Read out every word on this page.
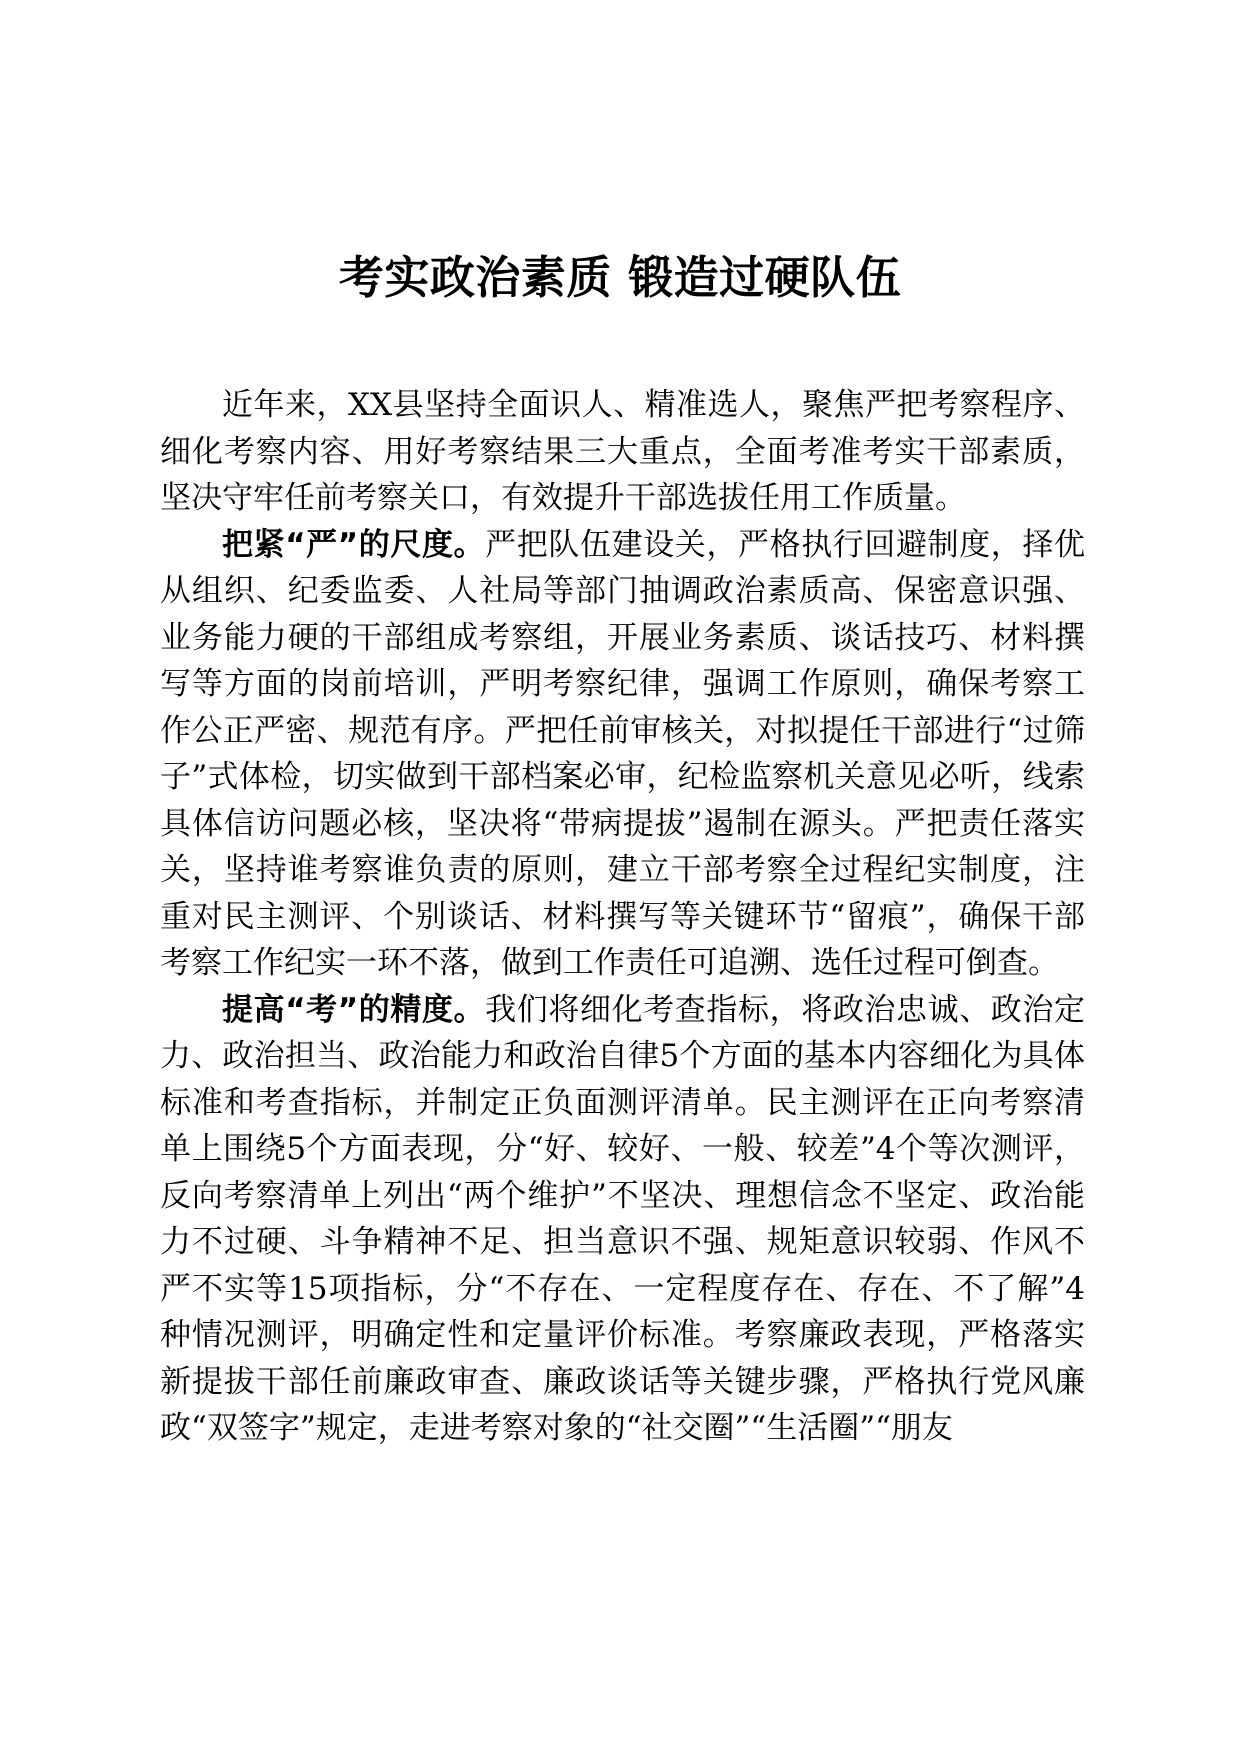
考实政治素质 锻造过硬队伍

近年来，XX县坚持全面识人、精准选人，聚焦严把考察程序、细化考察内容、用好考察结果三大重点，全面考准考实干部素质，坚决守牢任前考察关口，有效提升干部选拔任用工作质量。

把紧“严”的尺度。严把队伍建设关，严格执行回避制度，择优从组织、纪委监委、人社局等部门抽调政治素质高、保密意识强、业务能力硬的干部组成考察组，开展业务素质、谈话技巧、材料撰写等方面的岗前培训，严明考察纪律，强调工作原则，确保考察工作公正严密、规范有序。严把任前审核关，对拟提任干部进行“过筛子”式体检，切实做到干部档案必审，纪检监察机关意见必听，线索具体信访问题必核，坚决将“带病提拔”遏制在源头。严把责任落实关，坚持谁考察谁负责的原则，建立干部考察全过程纪实制度，注重对民主测评、个别谈话、材料撰写等关键环节“留痕”，确保干部考察工作纪实一环不落，做到工作责任可追溯、选任过程可倒查。

提高“考”的精度。我们将细化考查指标，将政治忠诚、政治定力、政治担当、政治能力和政治自律5个方面的基本内容细化为具体标准和考查指标，并制定正负面测评清单。民主测评在正向考察清单上围绕5个方面表现，分“好、较好、一般、较差”4个等次测评，反向考察清单上列出“两个维护”不坚决、理想信念不坚定、政治能力不过硬、斗争精神不足、担当意识不强、规矩意识较弱、作风不严不实等15项指标，分“不存在、一定程度存在、存在、不了解”4种情况测评，明确定性和定量评价标准。考察廉政表现，严格落实新提拔干部任前廉政审查、廉政谈话等关键步骤，严格执行党风廉政“双签字”规定，走进考察对象的“社交圈”“生活圈”“朋友
